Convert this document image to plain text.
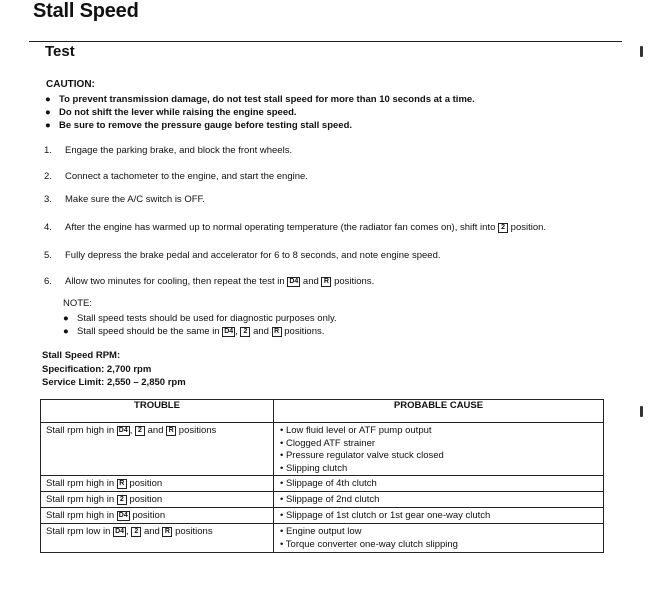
Stall Speed
Test
CAUTION:
● To prevent transmission damage, do not test stall speed for more than 10 seconds at a time.
● Do not shift the lever while raising the engine speed.
● Be sure to remove the pressure gauge before testing stall speed.
1. Engage the parking brake, and block the front wheels.
2. Connect a tachometer to the engine, and start the engine.
3. Make sure the A/C switch is OFF.
4. After the engine has warmed up to normal operating temperature (the radiator fan comes on), shift into 2 position.
5. Fully depress the brake pedal and accelerator for 6 to 8 seconds, and note engine speed.
6. Allow two minutes for cooling, then repeat the test in D4 and R positions.
NOTE:
● Stall speed tests should be used for diagnostic purposes only.
● Stall speed should be the same in D4 , 2 and R positions.
Stall Speed RPM:
Specification: 2,700 rpm
Service Limit: 2,550 – 2,850 rpm
TROUBLE	PROBABLE CAUSE

Stall rpm high in D4 , 2 and R positions	• Low fluid level or ATF pump output
• Clogged ATF strainer
• Pressure regulator valve stuck closed
• Slipping clutch

Stall rpm high in R position	• Slippage of 4th clutch

Stall rpm high in 2 position	• Slippage of 2nd clutch

Stall rpm high in D4 position	• Slippage of 1st clutch or 1st gear one-way clutch

Stall rpm low in D4 , 2 and R positions	• Engine output low
• Torque converter one-way clutch slipping
